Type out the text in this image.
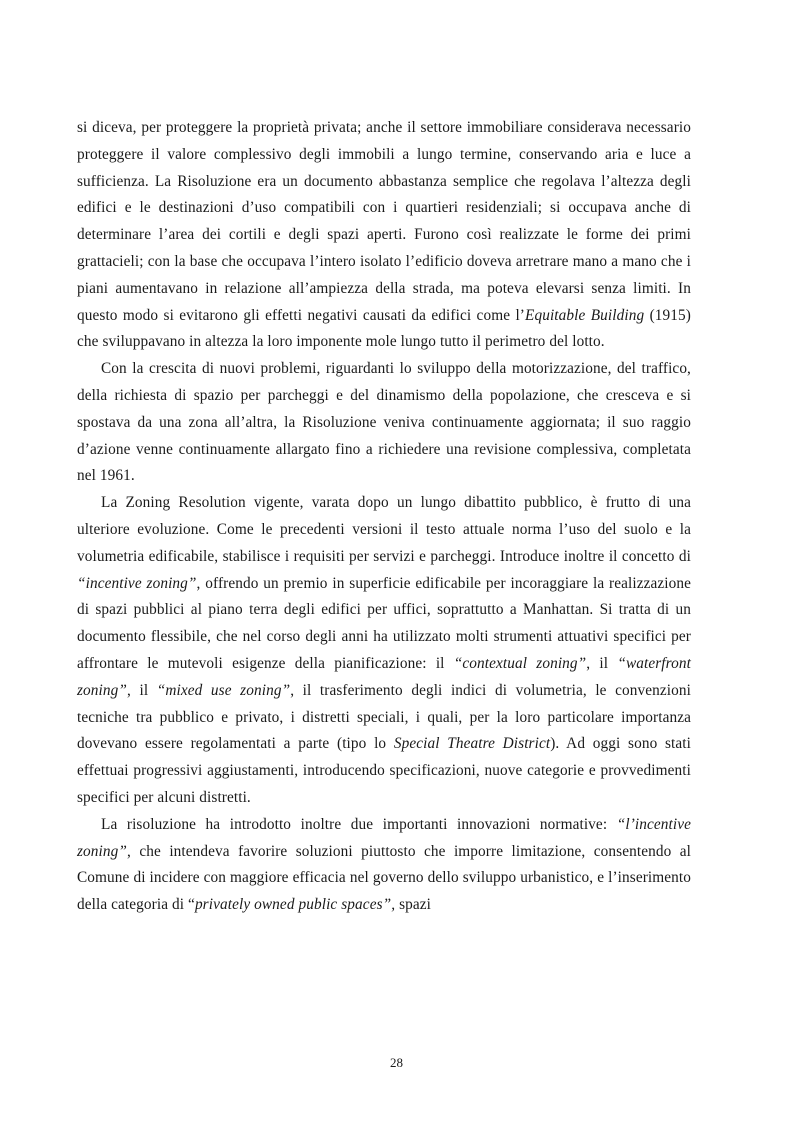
si diceva, per proteggere la proprietà privata; anche il settore immobiliare considerava necessario proteggere il valore complessivo degli immobili a lungo termine, conservando aria e luce a sufficienza. La Risoluzione era un documento abbastanza semplice che regolava l’altezza degli edifici e le destinazioni d’uso compatibili con i quartieri residenziali; si occupava anche di determinare l’area dei cortili e degli spazi aperti. Furono così realizzate le forme dei primi grattacieli; con la base che occupava l’intero isolato l’edificio doveva arretrare mano a mano che i piani aumentavano in relazione all’ampiezza della strada, ma poteva elevarsi senza limiti. In questo modo si evitarono gli effetti negativi causati da edifici come l’Equitable Building (1915) che sviluppavano in altezza la loro imponente mole lungo tutto il perimetro del lotto.

Con la crescita di nuovi problemi, riguardanti lo sviluppo della motorizzazione, del traffico, della richiesta di spazio per parcheggi e del dinamismo della popolazione, che cresceva e si spostava da una zona all’altra, la Risoluzione veniva continuamente aggiornata; il suo raggio d’azione venne continuamente allargato fino a richiedere una revisione complessiva, completata nel 1961.

La Zoning Resolution vigente, varata dopo un lungo dibattito pubblico, è frutto di una ulteriore evoluzione. Come le precedenti versioni il testo attuale norma l’uso del suolo e la volumetria edificabile, stabilisce i requisiti per servizi e parcheggi. Introduce inoltre il concetto di “incentive zoning”, offrendo un premio in superficie edificabile per incoraggiare la realizzazione di spazi pubblici al piano terra degli edifici per uffici, soprattutto a Manhattan. Si tratta di un documento flessibile, che nel corso degli anni ha utilizzato molti strumenti attuativi specifici per affrontare le mutevoli esigenze della pianificazione: il “contextual zoning”, il “waterfront zoning”, il “mixed use zoning”, il trasferimento degli indici di volumetria, le convenzioni tecniche tra pubblico e privato, i distretti speciali, i quali, per la loro particolare importanza dovevano essere regolamentati a parte (tipo lo Special Theatre District). Ad oggi sono stati effettuai progressivi aggiustamenti, introducendo specificazioni, nuove categorie e provvedimenti specifici per alcuni distretti.

La risoluzione ha introdotto inoltre due importanti innovazioni normative: “l’incentive zoning”, che intendeva favorire soluzioni piuttosto che imporre limitazione, consentendo al Comune di incidere con maggiore efficacia nel governo dello sviluppo urbanistico, e l’inserimento della categoria di “privately owned public spaces”, spazi

28
